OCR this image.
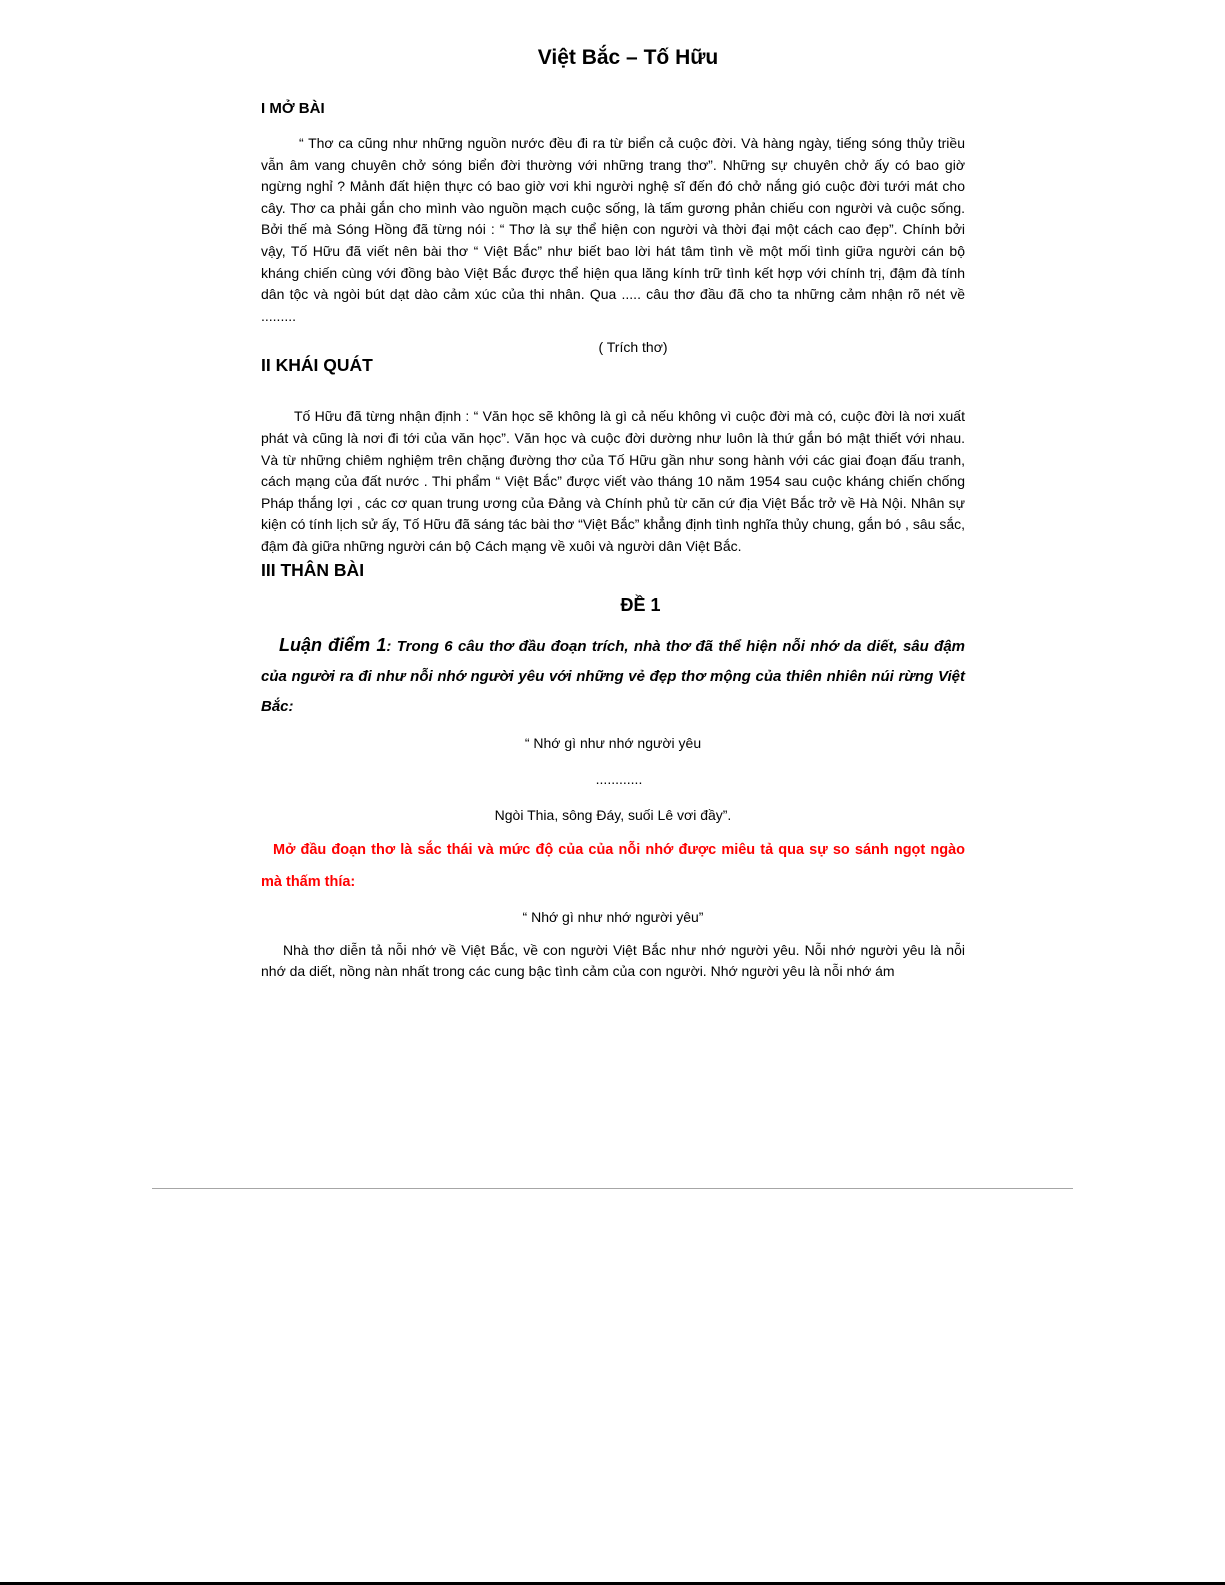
Việt Bắc – Tố Hữu
I MỞ BÀI

“ Thơ ca cũng như những nguồn nước đều đi ra từ biển cả cuộc đời. Và hàng ngày, tiếng sóng thủy triều vẫn âm vang chuyên chở sóng biển đời thường với những trang thơ”. Những sự chuyên chở ấy có bao giờ ngừng nghỉ ? Mảnh đất hiện thực có bao giờ vơi khi người nghệ sĩ đến đó chở nắng gió cuộc đời tưới mát cho cây. Thơ ca phải gắn cho mình vào nguồn mạch cuộc sống, là tấm gương phản chiếu con người và cuộc sống. Bởi thế mà Sóng Hồng đã từng nói : “ Thơ là sự thể hiện con người và thời đại một cách cao đẹp”. Chính bởi vậy, Tố Hữu đã viết nên bài thơ “ Việt Bắc” như biết bao lời hát tâm tình về một mối tình giữa người cán bộ kháng chiến cùng với đồng bào Việt Bắc được thể hiện qua lăng kính trữ tình kết hợp với chính trị, đậm đà tính dân tộc và ngòi bút dạt dào cảm xúc của thi nhân. Qua ..... câu thơ đầu đã cho ta những cảm nhận rõ nét về .........

( Trích thơ)

II KHÁI QUÁT

Tố Hữu đã từng nhận định : “ Văn học sẽ không là gì cả nếu không vì cuộc đời mà có, cuộc đời là nơi xuất phát và cũng là nơi đi tới của văn học”. Văn học và cuộc đời dường như luôn là thứ gắn bó mật thiết với nhau. Và từ những chiêm nghiệm trên chặng đường thơ của Tố Hữu gần như song hành với các giai đoạn đấu tranh, cách mạng của đất nước . Thi phẩm “ Việt Bắc” được viết vào tháng 10 năm 1954 sau cuộc kháng chiến chống Pháp thắng lợi , các cơ quan trung ương của Đảng và Chính phủ từ căn cứ địa Việt Bắc trở về Hà Nội. Nhân sự kiện có tính lịch sử ấy, Tố Hữu đã sáng tác bài thơ “Việt Bắc” khẳng định tình nghĩa thủy chung, gắn bó , sâu sắc, đậm đà giữa những người cán bộ Cách mạng về xuôi và người dân Việt Bắc.

III THÂN BÀI
ĐỀ 1

Luận điểm 1: Trong 6 câu thơ đầu đoạn trích, nhà thơ đã thể hiện nỗi nhớ da diết, sâu đậm của người ra đi như nỗi nhớ người yêu với những vẻ đẹp thơ mộng của thiên nhiên núi rừng Việt Bắc:

“ Nhớ gì như nhớ người yêu

............

Ngòi Thia, sông Đáy, suối Lê vơi đầy”.

Mở đầu đoạn thơ là sắc thái và mức độ của của nỗi nhớ được miêu tả qua sự so sánh ngọt ngào mà thấm thía:

“ Nhớ gì như nhớ người yêu”

Nhà thơ diễn tả nỗi nhớ về Việt Bắc, về con người Việt Bắc như nhớ người yêu. Nỗi nhớ người yêu là nỗi nhớ da diết, nồng nàn nhất trong các cung bậc tình cảm của con người. Nhớ người yêu là nỗi nhớ ám
